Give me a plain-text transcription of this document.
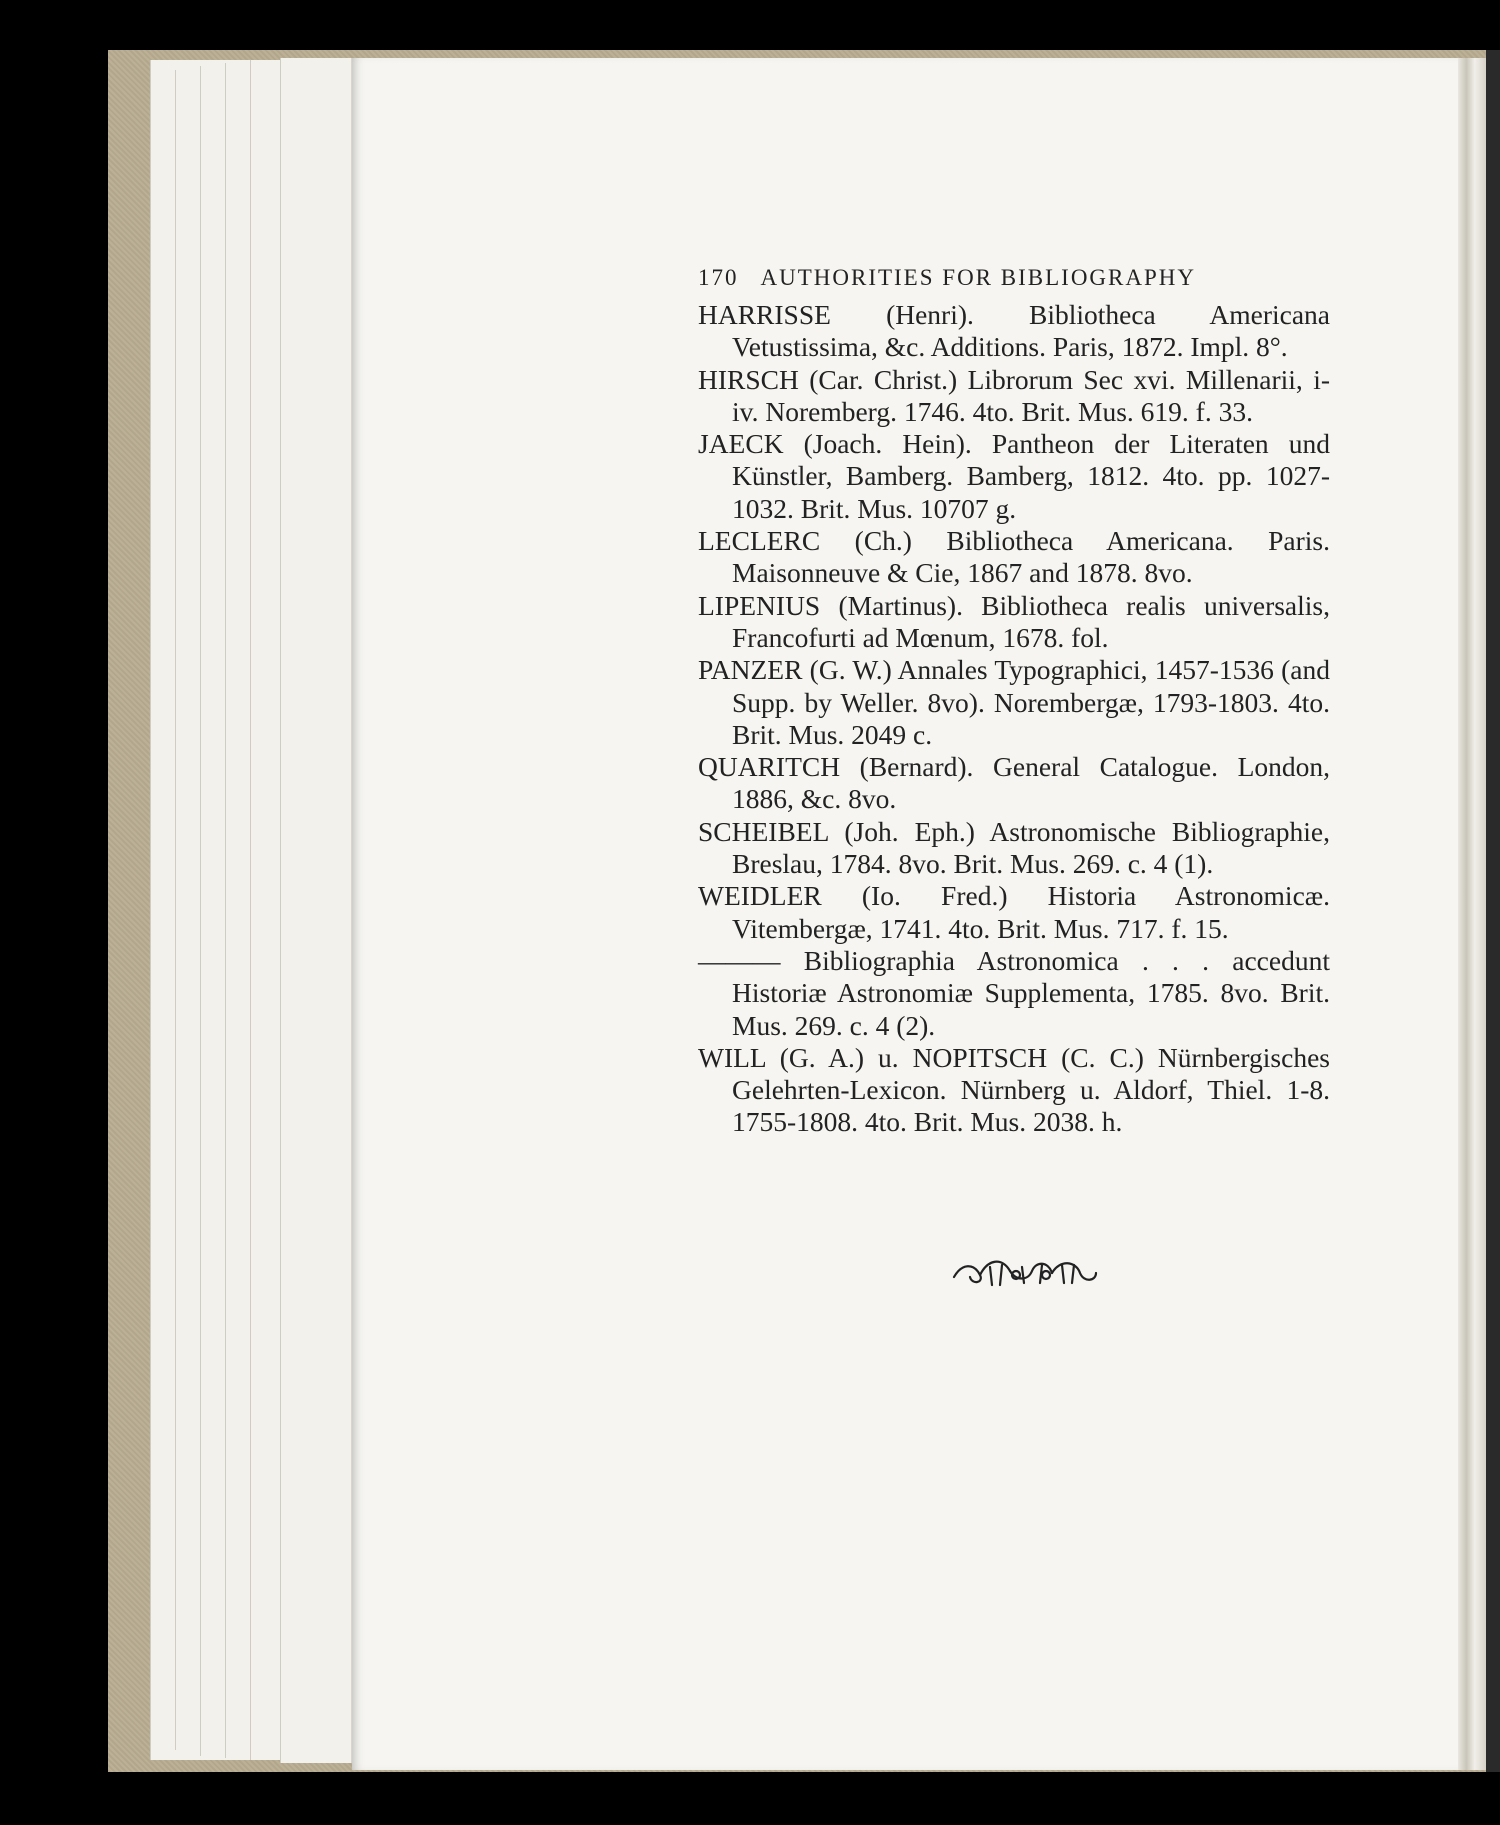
170 AUTHORITIES FOR BIBLIOGRAPHY
HARRISSE (Henri). Bibliotheca Americana Vetustissima, &c. Additions. Paris, 1872. Impl. 8°.
HIRSCH (Car. Christ.) Librorum Sec xvi. Millenarii, i-iv. Noremberg. 1746. 4to. Brit. Mus. 619. f. 33.
JAECK (Joach. Hein). Pantheon der Literaten und Künstler, Bamberg. Bamberg, 1812. 4to. pp. 1027-1032. Brit. Mus. 10707 g.
LECLERC (Ch.) Bibliotheca Americana. Paris. Maisonneuve & Cie, 1867 and 1878. 8vo.
LIPENIUS (Martinus). Bibliotheca realis universalis, Francofurti ad Mœnum, 1678. fol.
PANZER (G. W.) Annales Typographici, 1457-1536 (and Supp. by Weller. 8vo). Norembergæ, 1793-1803. 4to. Brit. Mus. 2049 c.
QUARITCH (Bernard). General Catalogue. London, 1886, &c. 8vo.
SCHEIBEL (Joh. Eph.) Astronomische Bibliographie, Breslau, 1784. 8vo. Brit. Mus. 269. c. 4 (1).
WEIDLER (Io. Fred.) Historia Astronomicæ. Vitembergæ, 1741. 4to. Brit. Mus. 717. f. 15.
——— Bibliographia Astronomica . . . accedunt Historiæ Astronomiæ Supplementa, 1785. 8vo. Brit. Mus. 269. c. 4 (2).
WILL (G. A.) u. NOPITSCH (C. C.) Nürnbergisches Gelehrten-Lexicon. Nürnberg u. Aldorf, Thiel. 1-8. 1755-1808. 4to. Brit. Mus. 2038. h.
